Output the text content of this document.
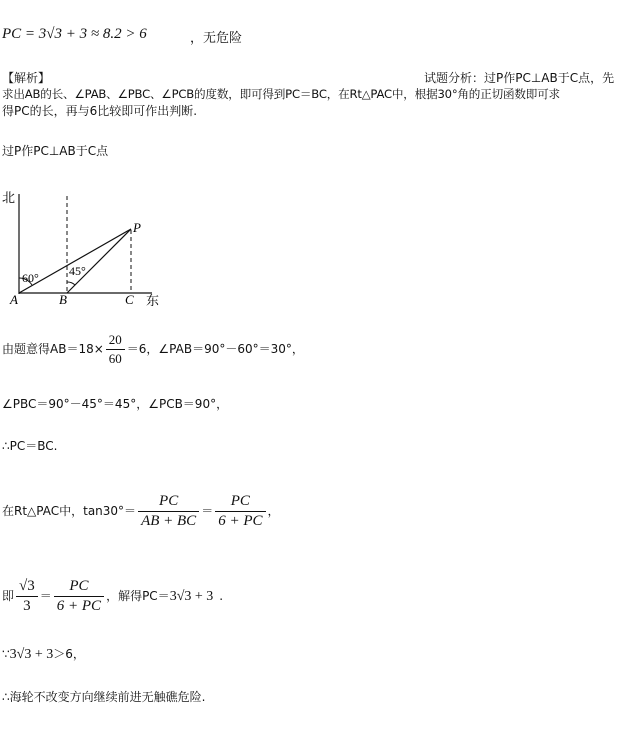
PC = 3√3 + 3 ≈ 8.2 > 6	，无危险
【解析】	试题分析：过P作PC⊥AB于C点，先
求出AB的长、∠PAB、∠PBC、∠PCB的度数，即可得到PC＝BC，在Rt△PAC中，根据30°角的正切函数即可求
得PC的长，再与6比较即可作出判断.
过P作PC⊥AB于C点
北
东
60°	45°
P
A	B	C
由题意得$AB=18\times \frac{20}{60} =6$，∠PAB＝90°－60°＝30°，
∠PBC＝90°－45°＝45°，∠PCB＝90°，
∴PC＝BC.
在Rt△PAC中，$\tan 30^\circ= \frac{PC}{AB + BC} = \frac{PC}{6 + PC}$ ，
即 $\frac{√3}{3} = \frac{PC}{6 + PC}$ ，解得PC＝3√3 + 3 .
∵3√3 + 3＞6，
∴海轮不改变方向继续前进无触礁危险.
